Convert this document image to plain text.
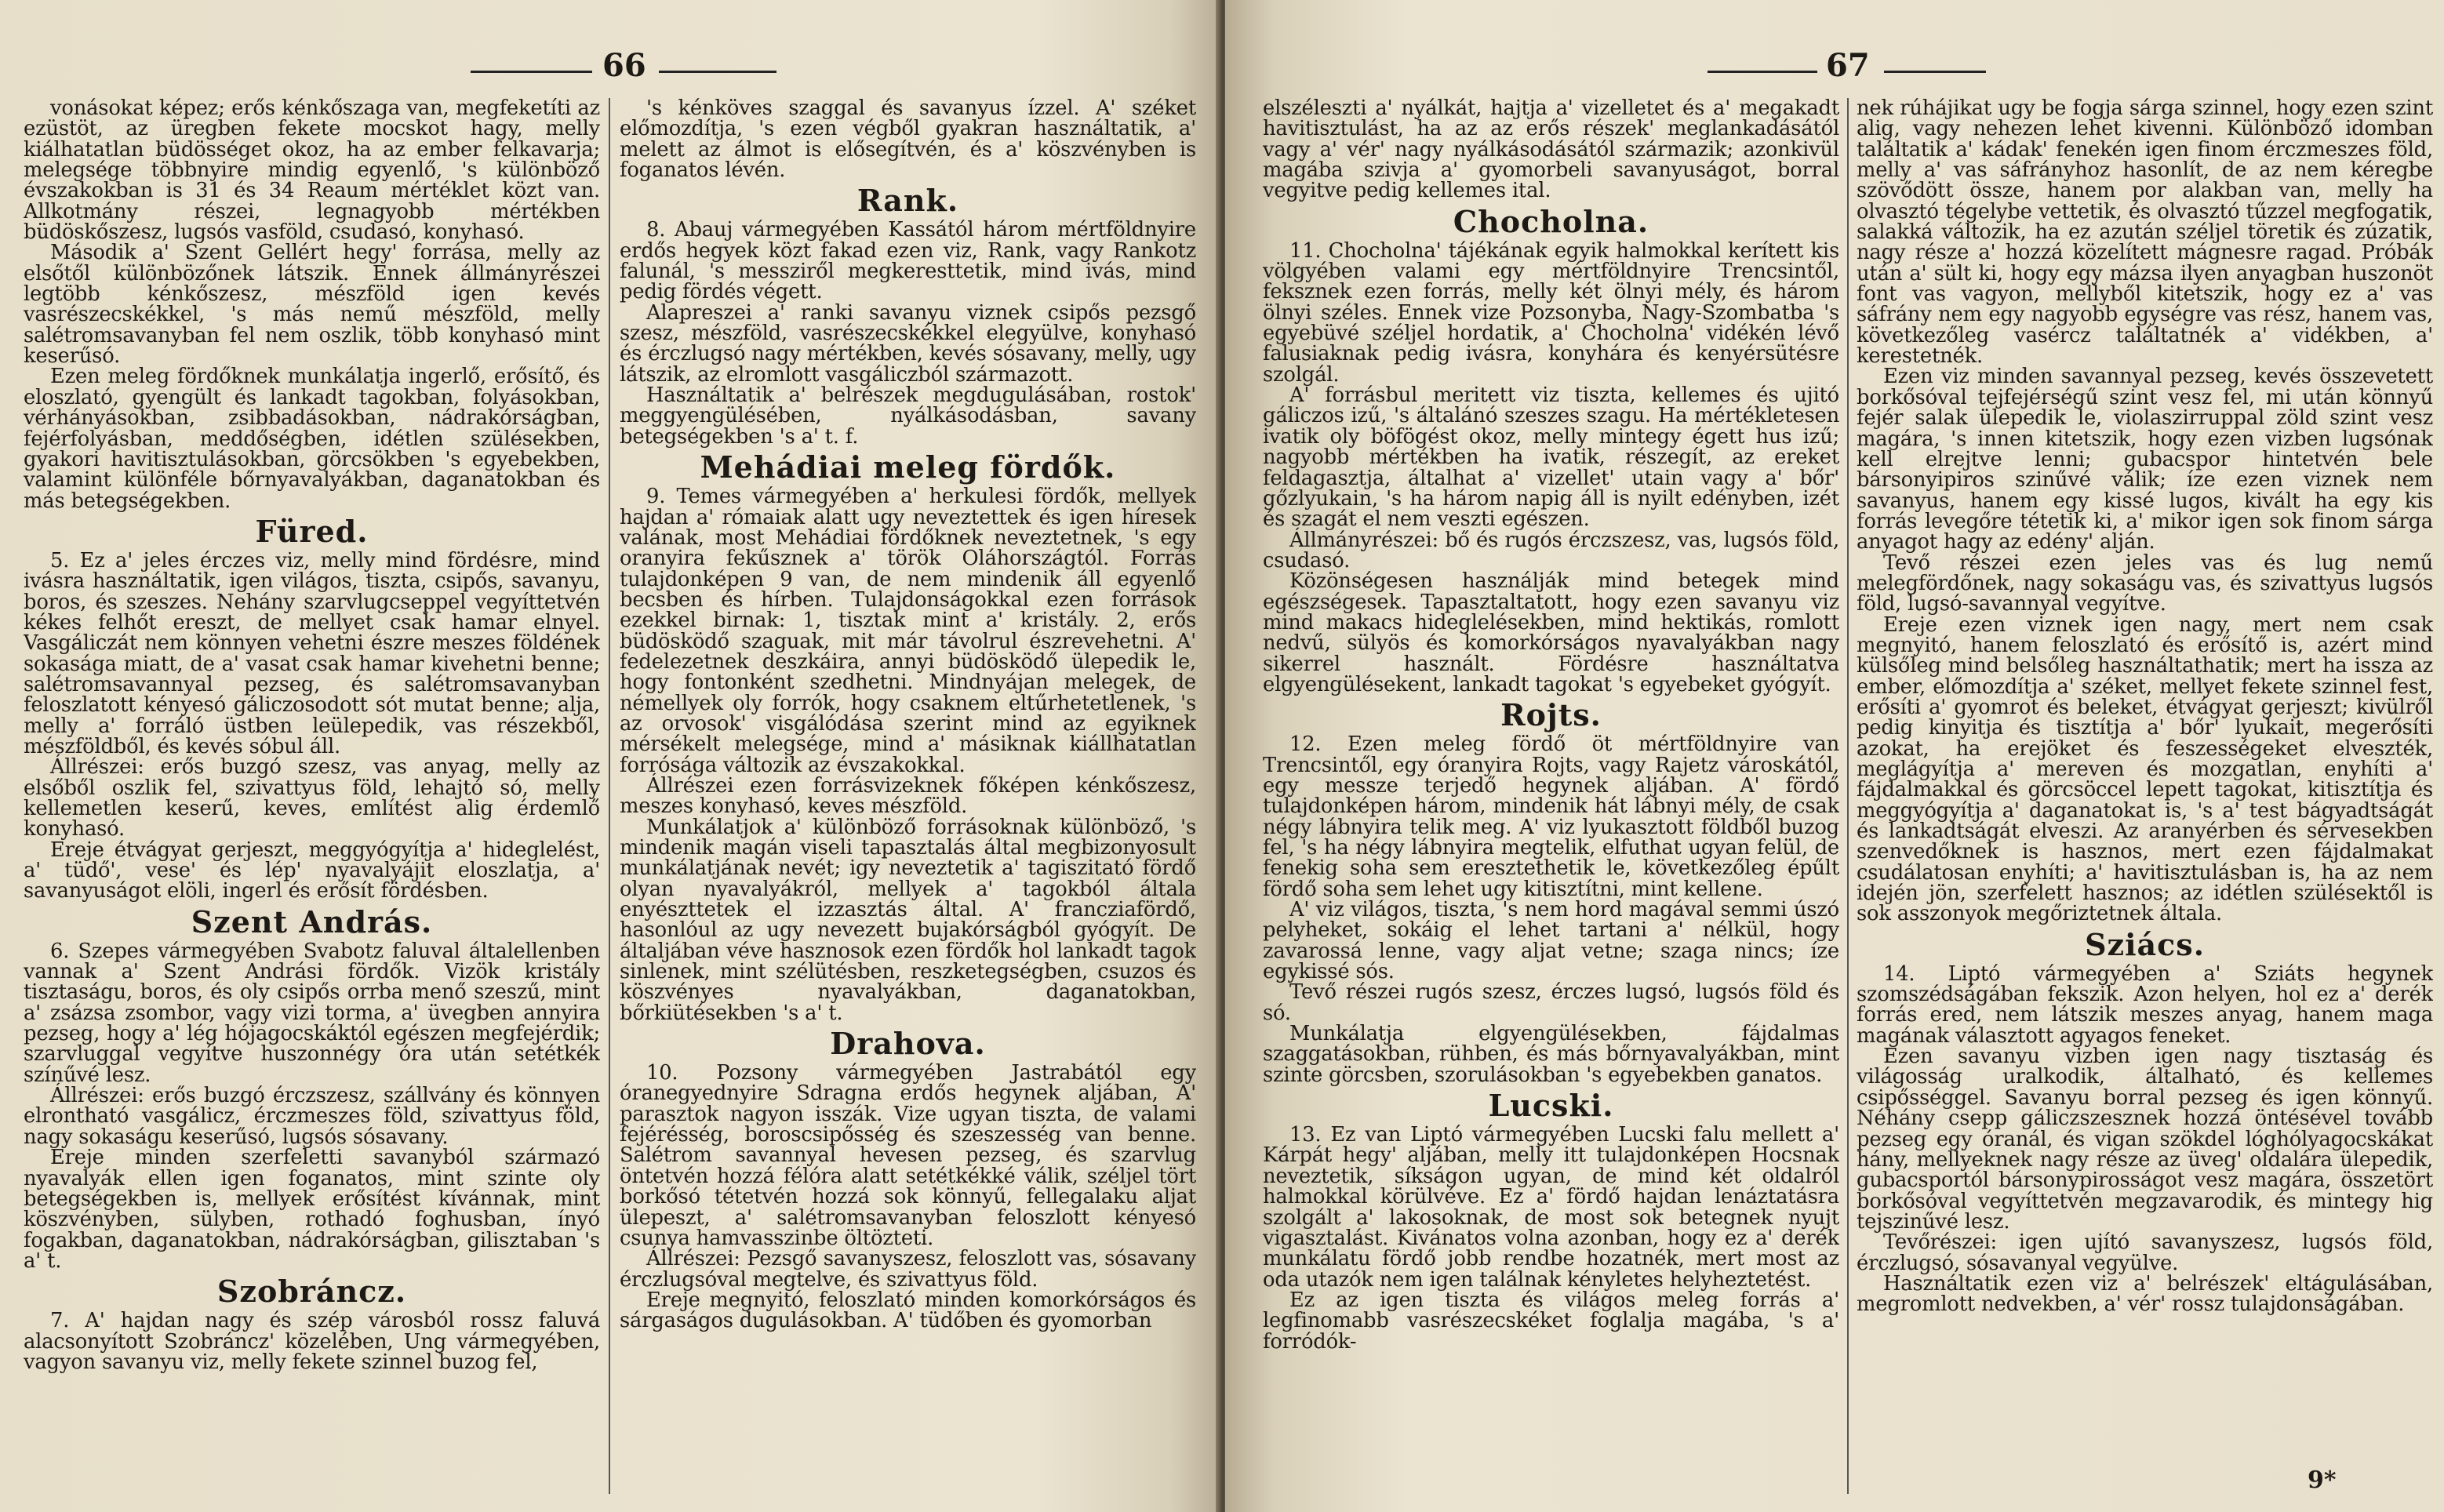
66

vonásokat képez; erős kénkőszaga van, megfeketíti az ezüstöt, az üregben fekete mocskot hagy, melly kiálhatatlan büdösséget okoz, ha az ember felkavarja; melegsége többnyire mindig egyenlő, 's különböző évszakokban is 31 és 34 Reaum mértéklet közt van. Allkotmány részei, legnagyobb mértékben büdöskőszesz, lugsós vasföld, csudasó, konyhasó.

Második a' Szent Gellért hegy' forrása, melly az elsőtől különbözőnek látszik. Ennek állmányrészei legtöbb kénkőszesz, mészföld igen kevés vasrészecskékkel, 's más nemű mészföld, melly salétromsavanyban fel nem oszlik, több konyhasó mint keserűsó.

Ezen meleg fördőknek munkálatja ingerlő, erősítő, és eloszlató, gyengült és lankadt tagokban, folyásokban, vérhányásokban, zsibbadásokban, nádrakórságban, fejérfolyásban, meddőségben, idétlen szülésekben, gyakori havitisztulásokban, görcsökben 's egyebekben, valamint különféle bőrnyavalyákban, daganatokban és más betegségekben.

Füred.

5. Ez a' jeles érczes viz, melly mind fördésre, mind ivásra használtatik, igen világos, tiszta, csipős, savanyu, boros, és szeszes. Nehány szarvlugcseppel vegyíttetvén kékes felhőt ereszt, de mellyet csak hamar elnyel. Vasgáliczát nem könnyen vehetni észre meszes földének sokasága miatt, de a' vasat csak hamar kivehetni benne; salétromsavannyal pezseg, és salétromsavanyban feloszlatott kényesó gáliczosodott sót mutat benne; alja, melly a' forráló üstben leülepedik, vas részekből, mészföldből, és kevés sóbul áll.

Állrészei: erős buzgó szesz, vas anyag, melly az elsőből oszlik fel, szivattyus föld, lehajtó só, melly kellemetlen keserű, keves, említést alig érdemlő konyhasó.

Ereje étvágyat gerjeszt, meggyógyítja a' hideglelést, a' tüdő', vese' és lép' nyavalyájit eloszlatja, a' savanyuságot elöli, ingerl és erősít fördésben.

Szent András.

6. Szepes vármegyében Svabotz faluval általellenben vannak a' Szent Andrási fördők. Vizök kristály tisztaságu, boros, és oly csipős orrba menő szeszű, mint a' zsázsa zsombor, vagy vizi torma, a' üvegben annyira pezseg, hogy a' lég hójagocskáktól egészen megfejérdik; szarvluggal vegyítve huszonnégy óra után setétkék színűvé lesz.

Állrészei: erős buzgó érczszesz, szállvány és könnyen elrontható vasgálicz, érczmeszes föld, szivattyus föld, nagy sokaságu keserűsó, lugsós sósavany.

Ereje minden szerfeletti savanyból származó nyavalyák ellen igen foganatos, mint szinte oly betegségekben is, mellyek erősítést kívánnak, mint köszvényben, sülyben, rothadó foghusban, ínyó fogakban, daganatokban, nádrakórságban, gilisztaban 's a' t.

Szobráncz.

7. A' hajdan nagy és szép városból rossz faluvá alacsonyított Szobráncz' közelében, Ung vármegyében, vagyon savanyu viz, melly fekete szinnel buzog fel,

's kénköves szaggal és savanyus ízzel. A' széket előmozdítja, 's ezen végből gyakran használtatik, a' melett az álmot is elősegítvén, és a' köszvényben is foganatos lévén.

Rank.

8. Abauj vármegyében Kassától három mértföldnyire erdős hegyek közt fakad ezen viz, Rank, vagy Rankotz falunál, 's messziről megkeresttetik, mind ivás, mind pedig fördés végett.

Alapreszei a' ranki savanyu viznek csipős pezsgő szesz, mészföld, vasrészecskékkel elegyülve, konyhasó és érczlugsó nagy mértékben, kevés sósavany, melly, ugy látszik, az elromlott vasgáliczból származott.

Használtatik a' belrészek megdugulásában, rostok' meggyengülésében, nyálkásodásban, savany betegségekben 's a' t. f.

Mehádiai meleg fördők.

9. Temes vármegyében a' herkulesi fördők, mellyek hajdan a' rómaiak alatt ugy neveztettek és igen híresek valának, most Mehádiai fördőknek neveztetnek, 's egy oranyira fekűsznek a' török Oláhországtól. Forrás tulajdonképen 9 van, de nem mindenik áll egyenlő becsben és hírben. Tulajdonságokkal ezen források ezekkel birnak: 1, tisztak mint a' kristály. 2, erős büdösködő szaguak, mit már távolrul észrevehetni. A' fedelezetnek deszkáira, annyi büdösködő ülepedik le, hogy fontonként szedhetni. Mindnyájan melegek, de némellyek oly forrók, hogy csaknem eltűrhetetlenek, 's az orvosok' visgálódása szerint mind az egyiknek mérsékelt melegsége, mind a' másiknak kiállhatatlan forrósága változik az évszakokkal.

Állrészei ezen forrásvizeknek főképen kénkőszesz, meszes konyhasó, keves mészföld.

Munkálatjok a' különböző forrásoknak különböző, 's mindenik magán viseli tapasztalás által megbizonyosult munkálatjának nevét; igy neveztetik a' tagiszitató fördő olyan nyavalyákról, mellyek a' tagokból általa enyészttetek el izzasztás által. A' francziafördő, hasonlóul az ugy nevezett bujakórságból gyógyít. De általjában véve hasznosok ezen fördők hol lankadt tagok sinlenek, mint szélütésben, reszketegségben, csuzos és köszvényes nyavalyákban, daganatokban, bőrkiütésekben 's a' t.

Drahova.

10. Pozsony vármegyében Jastrabától egy óranegyednyire Sdragna erdős hegynek aljában, A' parasztok nagyon isszák. Vize ugyan tiszta, de valami fejérésség, boroscsipősség és szeszesség van benne. Salétrom savannyal hevesen pezseg, és szarvlug öntetvén hozzá félóra alatt setétkékké válik, széljel tört borkősó tétetvén hozzá sok könnyű, fellegalaku aljat ülepeszt, a' salétromsavanyban feloszlott kényesó csunya hamvasszinbe öltözteti.

Állrészei: Pezsgő savanyszesz, feloszlott vas, sósavany érczlugsóval megtelve, és szivattyus föld.

Ereje megnyitó, feloszlató minden komorkórságos és sárgaságos dugulásokban. A' tüdőben és gyomorban

67

elszéleszti a' nyálkát, hajtja a' vizelletet és a' megakadt havitisztulást, ha az az erős részek' meglankadásától vagy a' vér' nagy nyálkásodásától származik; azonkivül magába szivja a' gyomorbeli savanyuságot, borral vegyitve pedig kellemes ital.

Chocholna.

11. Chocholna' tájékának egyik halmokkal kerített kis völgyében valami egy mértföldnyire Trencsintől, feksznek ezen forrás, melly két ölnyi mély, és három ölnyi széles. Ennek vize Pozsonyba, Nagy-Szombatba 's egyebüvé széljel hordatik, a' Chocholna' vidékén lévő falusiaknak pedig ivásra, konyhára és kenyérsütésre szolgál.

A' forrásbul meritett viz tiszta, kellemes és ujitó gáliczos izű, 's általánó szeszes szagu. Ha mértékletesen ivatik oly böfögést okoz, melly mintegy égett hus izű; nagyobb mértékben ha ivatik, részegít, az ereket feldagasztja, általhat a' vizellet' utain vagy a' bőr' gőzlyukain, 's ha három napig áll is nyilt edényben, izét és szagát el nem veszti egészen.

Állmányrészei: bő és rugós érczszesz, vas, lugsós föld, csudasó.

Közönségesen használják mind betegek mind egészségesek. Tapasztaltatott, hogy ezen savanyu viz mind makacs hideglelésekben, mind hektikás, romlott nedvű, sülyös és komorkórságos nyavalyákban nagy sikerrel használt. Fördésre használtatva elgyengülésekent, lankadt tagokat 's egyebeket gyógyít.

Rojts.

12. Ezen meleg fördő öt mértföldnyire van Trencsintől, egy óranyira Rojts, vagy Rajetz városkától, egy messze terjedő hegynek aljában. A' fördő tulajdonképen három, mindenik hát lábnyi mély, de csak négy lábnyira telik meg. A' viz lyukasztott földből buzog fel, 's ha négy lábnyira megtelik, elfuthat ugyan felül, de fenekig soha sem eresztethetik le, következőleg épűlt fördő soha sem lehet ugy kitisztítni, mint kellene.

A' viz világos, tiszta, 's nem hord magával semmi úszó pelyheket, sokáig el lehet tartani a' nélkül, hogy zavarossá lenne, vagy aljat vetne; szaga nincs; íze egykissé sós.

Tevő részei rugós szesz, érczes lugsó, lugsós föld és só.

Munkálatja elgyengülésekben, fájdalmas szaggatásokban, rühben, és más bőrnyavalyákban, mint szinte görcsben, szorulásokban 's egyebekben ganatos.

Lucski.

13. Ez van Liptó vármegyében Lucski falu mellett a' Kárpát hegy' aljában, melly itt tulajdonképen Hocsnak neveztetik, síkságon ugyan, de mind két oldalról halmokkal körülvéve. Ez a' fördő hajdan lenáztatásra szolgált a' lakosoknak, de most sok betegnek nyujt vigasztalást. Kivánatos volna azonban, hogy ez a' derék munkálatu fördő jobb rendbe hozatnék, mert most az oda utazók nem igen találnak kényletes helyheztetést.

Ez az igen tiszta és világos meleg forrás a' legfinomabb vasrészecskéket foglalja magába, 's a' forródók-

nek rúhájikat ugy be fogja sárga szinnel, hogy ezen szint alig, vagy nehezen lehet kivenni. Különböző idomban találtatik a' kádak' fenekén igen finom érczmeszes föld, melly a' vas sáfrányhoz hasonlít, de az nem kéregbe szövődött össze, hanem por alakban van, melly ha olvasztó tégelybe vettetik, és olvasztó tűzzel megfogatik, salakká változik, ha ez azután széljel töretik és zúzatik, nagy része a' hozzá közelített mágnesre ragad. Próbák után a' sült ki, hogy egy mázsa ilyen anyagban huszonöt font vas vagyon, mellyből kitetszik, hogy ez a' vas sáfrány nem egy nagyobb egységre vas rész, hanem vas, következőleg vasércz találtatnék a' vidékben, a' kerestetnék.

Ezen viz minden savannyal pezseg, kevés összevetett borkősóval tejfejérségű szint vesz fel, mi után könnyű fejér salak ülepedik le, violaszirruppal zöld szint vesz magára, 's innen kitetszik, hogy ezen vizben lugsónak kell elrejtve lenni; gubacspor hintetvén bele bársonyipiros szinűvé válik; íze ezen viznek nem savanyus, hanem egy kissé lugos, kivált ha egy kis forrás levegőre tétetik ki, a' mikor igen sok finom sárga anyagot hagy az edény' alján.

Tevő részei ezen jeles vas és lug nemű melegfördőnek, nagy sokaságu vas, és szivattyus lugsós föld, lugsó-savannyal vegyítve.

Ereje ezen viznek igen nagy, mert nem csak megnyitó, hanem feloszlató és erősítő is, azért mind külsőleg mind belsőleg használtathatik; mert ha issza az ember, előmozdítja a' széket, mellyet fekete szinnel fest, erősíti a' gyomrot és beleket, étvágyat gerjeszt; kivülről pedig kinyitja és tisztítja a' bőr' lyukait, megerősíti azokat, ha erejöket és feszességeket elveszték, meglágyítja a' mereven és mozgatlan, enyhíti a' fájdalmakkal és görcsöccel lepett tagokat, kitisztítja és meggyógyítja a' daganatokat is, 's a' test bágyadtságát és lankadtságát elveszi. Az aranyérben és sérvesekben szenvedőknek is hasznos, mert ezen fájdalmakat csudálatosan enyhíti; a' havitisztulásban is, ha az nem idején jön, szerfelett hasznos; az idétlen szülésektől is sok asszonyok megőriztetnek általa.

Sziács.

14. Liptó vármegyében a' Sziáts hegynek szomszédságában fekszik. Azon helyen, hol ez a' derék forrás ered, nem látszik meszes anyag, hanem maga magának választott agyagos feneket.

Ezen savanyu vizben igen nagy tisztaság és világosság uralkodik, általható, és kellemes csipősséggel. Savanyu borral pezseg és igen könnyű. Néhány csepp gáliczszesznek hozzá öntésével tovább pezseg egy óranál, és vigan szökdel lóghólyagocskákat hány, mellyeknek nagy része az üveg' oldalára ülepedik, gubacsportól bársonypirosságot vesz magára, összetört borkősóval vegyíttetvén megzavarodik, és mintegy hig tejszinűvé lesz.

Tevőrészei: igen ujító savanyszesz, lugsós föld, érczlugsó, sósavanyal vegyülve.

Használtatik ezen viz a' belrészek' eltágulásában, megromlott nedvekben, a' vér' rossz tulajdonságában.

9*
